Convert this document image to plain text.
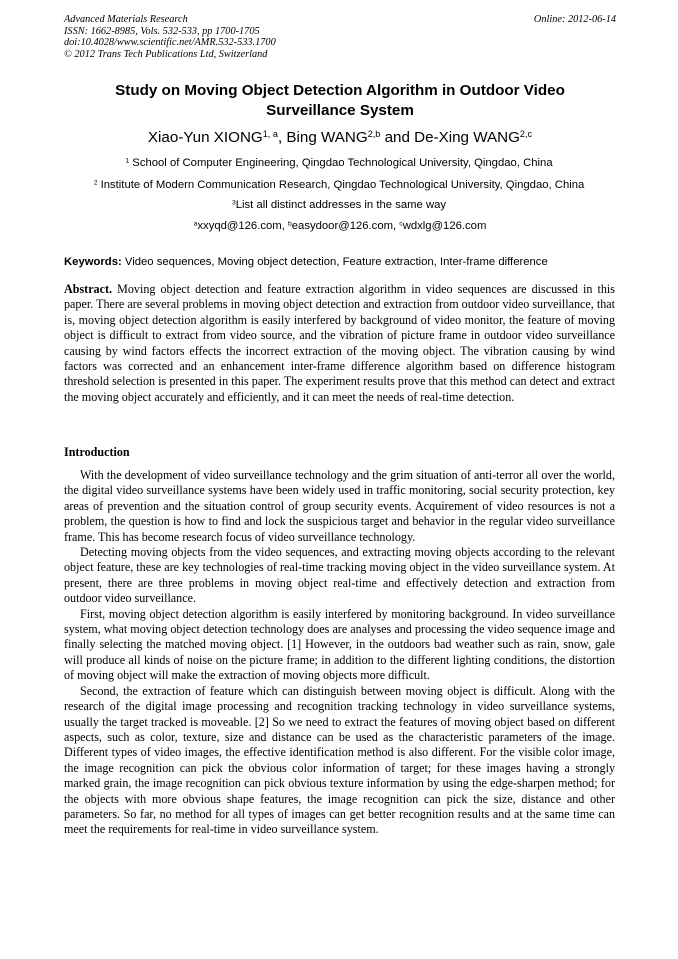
Advanced Materials Research
ISSN: 1662-8985, Vols. 532-533, pp 1700-1705
doi:10.4028/www.scientific.net/AMR.532-533.1700
© 2012 Trans Tech Publications Ltd, Switzerland
Online: 2012-06-14
Study on Moving Object Detection Algorithm in Outdoor Video
Surveillance System
Xiao-Yun XIONG$^{1, a}$, Bing WANG$^{2,b}$ and De-Xing WANG$^{2,c}$
$^1$ School of Computer Engineering, Qingdao Technological University, Qingdao, China
$^2$ Institute of Modern Communication Research, Qingdao Technological University, Qingdao, China
$^3$List all distinct addresses in the same way
$^a$xxyqd@126.com, $^b$easydoor@126.com, $^c$wdxlg@126.com
Keywords: Video sequences, Moving object detection, Feature extraction, Inter-frame difference

Abstract. Moving object detection and feature extraction algorithm in video sequences are discussed in this paper. There are several problems in moving object detection and extraction from outdoor video surveillance, that is, moving object detection algorithm is easily interfered by background of video monitor, the feature of moving object is difficult to extract from video source, and the vibration of picture frame in outdoor video surveillance causing by wind factors effects the incorrect extraction of the moving object. The vibration causing by wind factors was corrected and an enhancement inter-frame difference algorithm based on difference histogram threshold selection is presented in this paper. The experiment results prove that this method can detect and extract the moving object accurately and efficiently, and it can meet the needs of real-time detection.

Introduction

With the development of video surveillance technology and the grim situation of anti-terror all over the world, the digital video surveillance systems have been widely used in traffic monitoring, social security protection, key areas of prevention and the situation control of group security events. Acquirement of video resources is not a problem, the question is how to find and lock the suspicious target and behavior in the regular video surveillance frame. This has become research focus of video surveillance technology.

Detecting moving objects from the video sequences, and extracting moving objects according to the relevant object feature, these are key technologies of real-time tracking moving object in the video surveillance system. At present, there are three problems in moving object real-time and effectively detection and extraction from outdoor video surveillance.

First, moving object detection algorithm is easily interfered by monitoring background. In video surveillance system, what moving object detection technology does are analyses and processing the video sequence image and finally selecting the matched moving object. [1] However, in the outdoors bad weather such as rain, snow, gale will produce all kinds of noise on the picture frame; in addition to the different lighting conditions, the distortion of moving object will make the extraction of moving objects more difficult.

Second, the extraction of feature which can distinguish between moving object is difficult. Along with the research of the digital image processing and recognition tracking technology in video surveillance systems, usually the target tracked is moveable. [2] So we need to extract the features of moving object based on different aspects, such as color, texture, size and distance can be used as the characteristic parameters of the image. Different types of video images, the effective identification method is also different. For the visible color image, the image recognition can pick the obvious color information of target; for these images having a strongly marked grain, the image recognition can pick obvious texture information by using the edge-sharpen method; for the objects with more obvious shape features, the image recognition can pick the size, distance and other parameters. So far, no method for all types of images can get better recognition results and at the same time can meet the requirements for real-time in video surveillance system.
